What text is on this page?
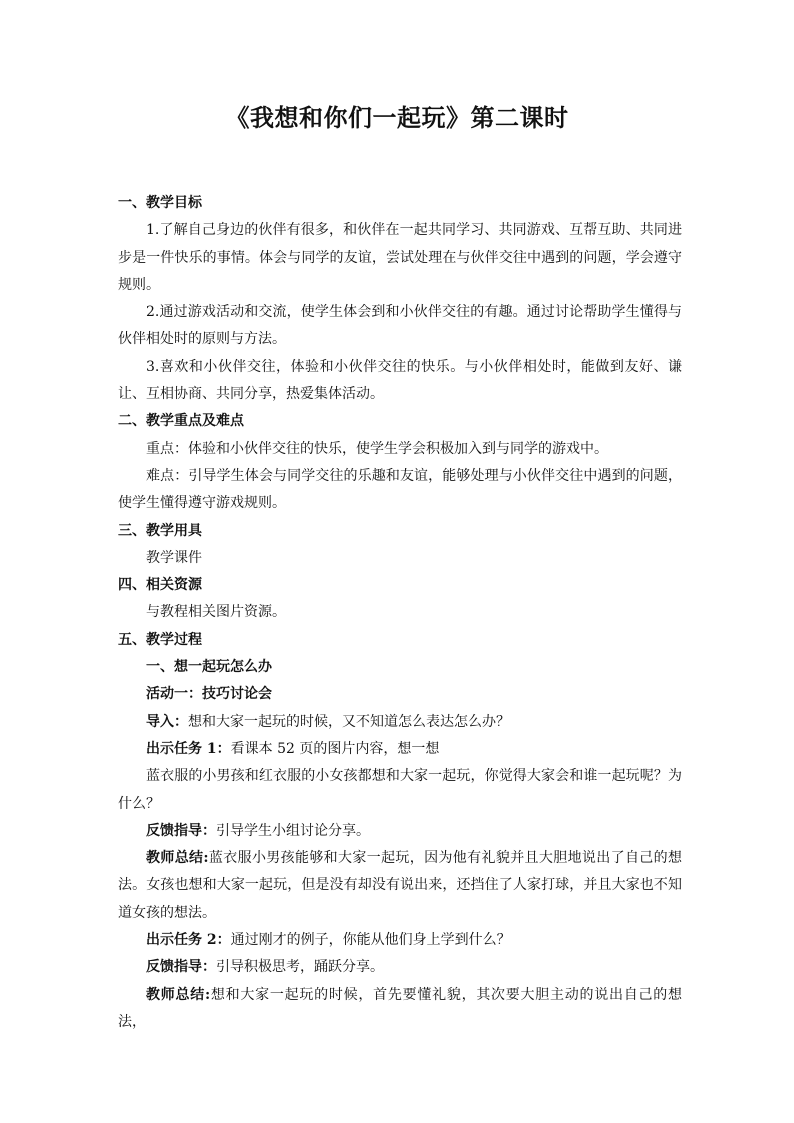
《我想和你们一起玩》第二课时
一、教学目标
1.了解自己身边的伙伴有很多，和伙伴在一起共同学习、共同游戏、互帮互助、共同进步是一件快乐的事情。体会与同学的友谊，尝试处理在与伙伴交往中遇到的问题，学会遵守规则。
2.通过游戏活动和交流，使学生体会到和小伙伴交往的有趣。通过讨论帮助学生懂得与伙伴相处时的原则与方法。
3.喜欢和小伙伴交往，体验和小伙伴交往的快乐。与小伙伴相处时，能做到友好、谦让、互相协商、共同分享，热爱集体活动。
二、教学重点及难点
重点：体验和小伙伴交往的快乐，使学生学会积极加入到与同学的游戏中。
难点：引导学生体会与同学交往的乐趣和友谊，能够处理与小伙伴交往中遇到的问题，使学生懂得遵守游戏规则。
三、教学用具
教学课件
四、相关资源
与教程相关图片资源。
五、教学过程
一、想一起玩怎么办
活动一：技巧讨论会
导入：想和大家一起玩的时候，又不知道怎么表达怎么办？
出示任务 1：看课本 52 页的图片内容，想一想
蓝衣服的小男孩和红衣服的小女孩都想和大家一起玩，你觉得大家会和谁一起玩呢？为什么？
反馈指导：引导学生小组讨论分享。
教师总结:蓝衣服小男孩能够和大家一起玩，因为他有礼貌并且大胆地说出了自己的想法。女孩也想和大家一起玩，但是没有却没有说出来，还挡住了人家打球，并且大家也不知道女孩的想法。
出示任务 2：通过刚才的例子，你能从他们身上学到什么？
反馈指导：引导积极思考，踊跃分享。
教师总结:想和大家一起玩的时候，首先要懂礼貌，其次要大胆主动的说出自己的想法，
